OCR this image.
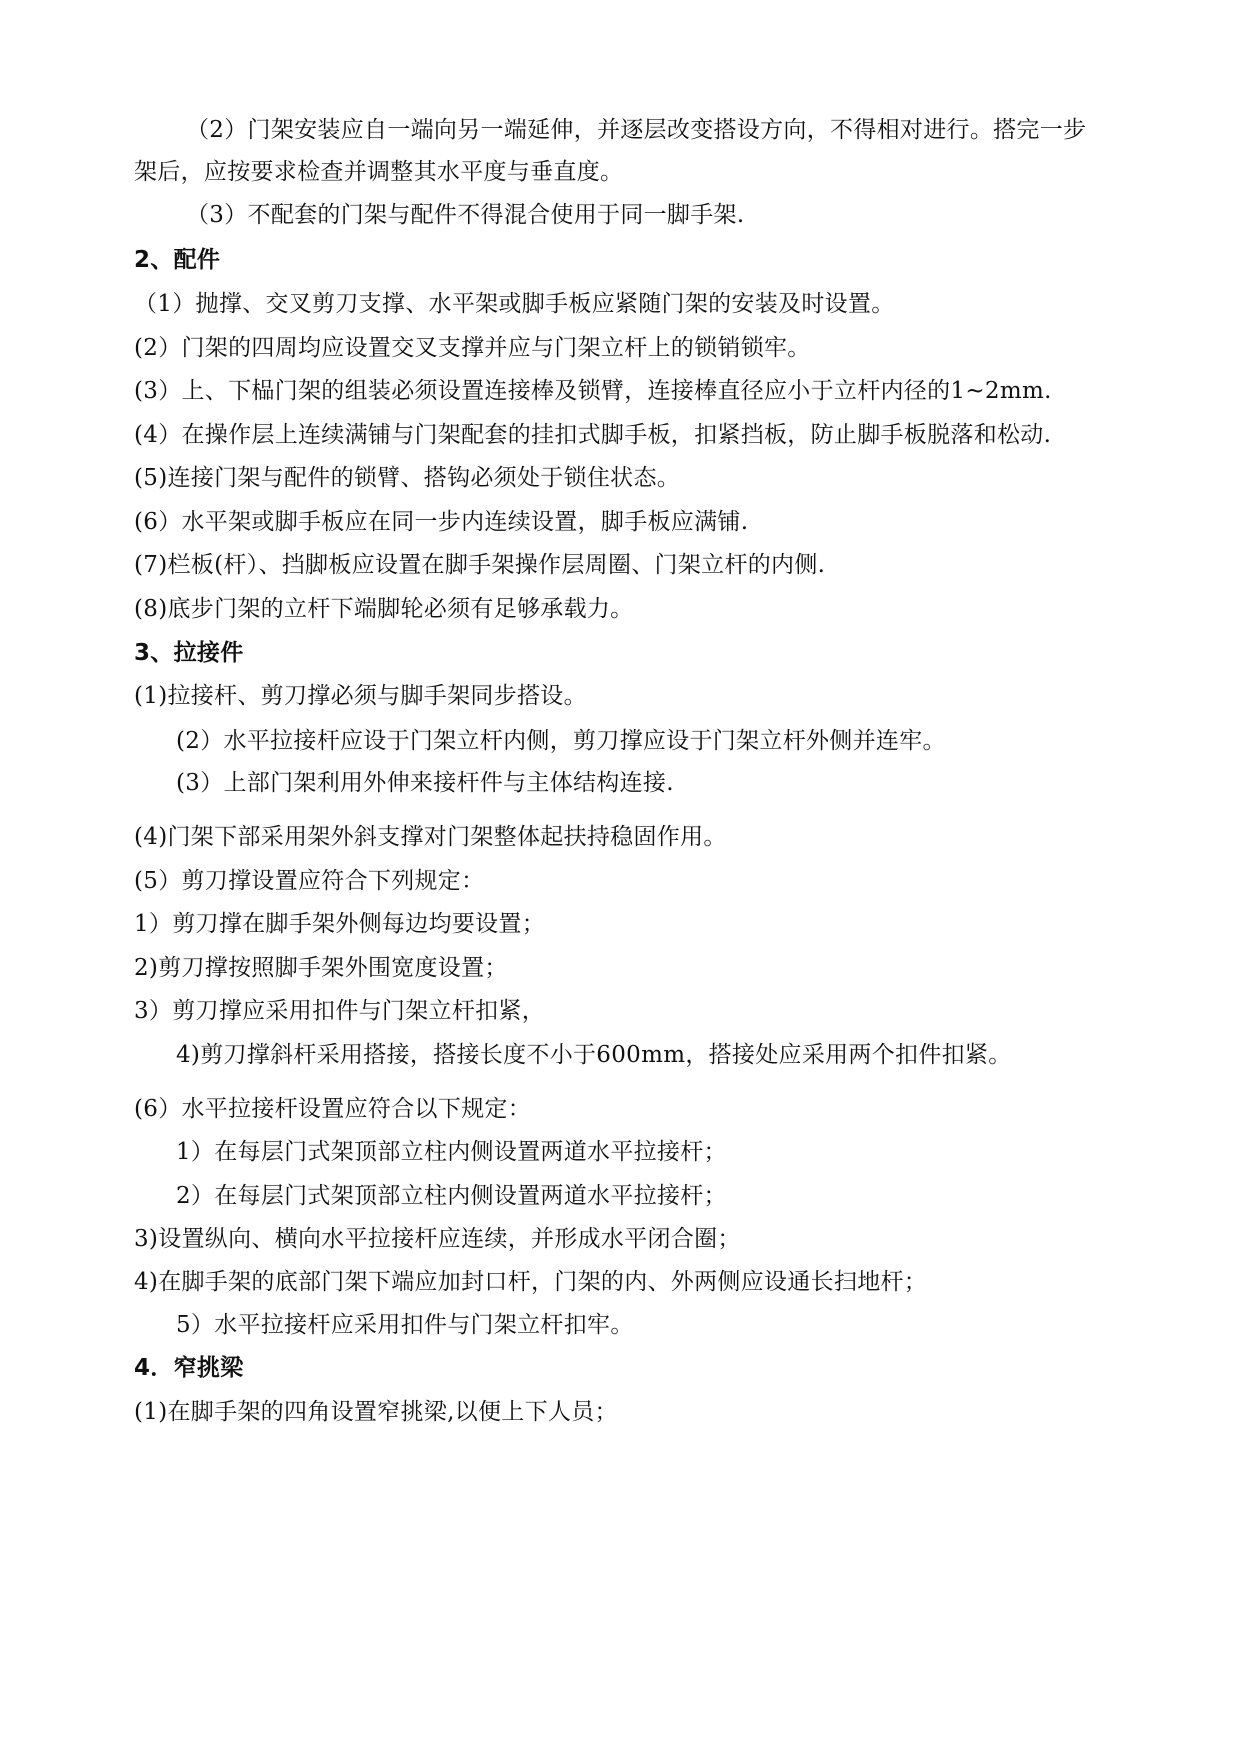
（2）门架安装应自一端向另一端延伸，并逐层改变搭设方向，不得相对进行。搭完一步
架后，应按要求检查并调整其水平度与垂直度。
（3）不配套的门架与配件不得混合使用于同一脚手架.
2、配件
（1）抛撑、交叉剪刀支撑、水平架或脚手板应紧随门架的安装及时设置。
(2）门架的四周均应设置交叉支撑并应与门架立杆上的锁销锁牢。
(3）上、下榀门架的组装必须设置连接棒及锁臂，连接棒直径应小于立杆内径的1~2mm.
(4）在操作层上连续满铺与门架配套的挂扣式脚手板，扣紧挡板，防止脚手板脱落和松动.
(5)连接门架与配件的锁臂、搭钩必须处于锁住状态。
(6）水平架或脚手板应在同一步内连续设置，脚手板应满铺.
(7)栏板(杆）、挡脚板应设置在脚手架操作层周圈、门架立杆的内侧.
(8)底步门架的立杆下端脚轮必须有足够承载力。
3、拉接件
(1)拉接杆、剪刀撑必须与脚手架同步搭设。
(2）水平拉接杆应设于门架立杆内侧，剪刀撑应设于门架立杆外侧并连牢。
(3）上部门架利用外伸来接杆件与主体结构连接.
(4)门架下部采用架外斜支撑对门架整体起扶持稳固作用。
(5）剪刀撑设置应符合下列规定：
1）剪刀撑在脚手架外侧每边均要设置；
2)剪刀撑按照脚手架外围宽度设置；
3）剪刀撑应采用扣件与门架立杆扣紧，
4)剪刀撑斜杆采用搭接，搭接长度不小于600mm，搭接处应采用两个扣件扣紧。
(6）水平拉接杆设置应符合以下规定：
1）在每层门式架顶部立柱内侧设置两道水平拉接杆；
2）在每层门式架顶部立柱内侧设置两道水平拉接杆；
3)设置纵向、横向水平拉接杆应连续，并形成水平闭合圈；
4)在脚手架的底部门架下端应加封口杆，门架的内、外两侧应设通长扫地杆；
5）水平拉接杆应采用扣件与门架立杆扣牢。
4．窄挑梁
(1)在脚手架的四角设置窄挑梁,以便上下人员；
